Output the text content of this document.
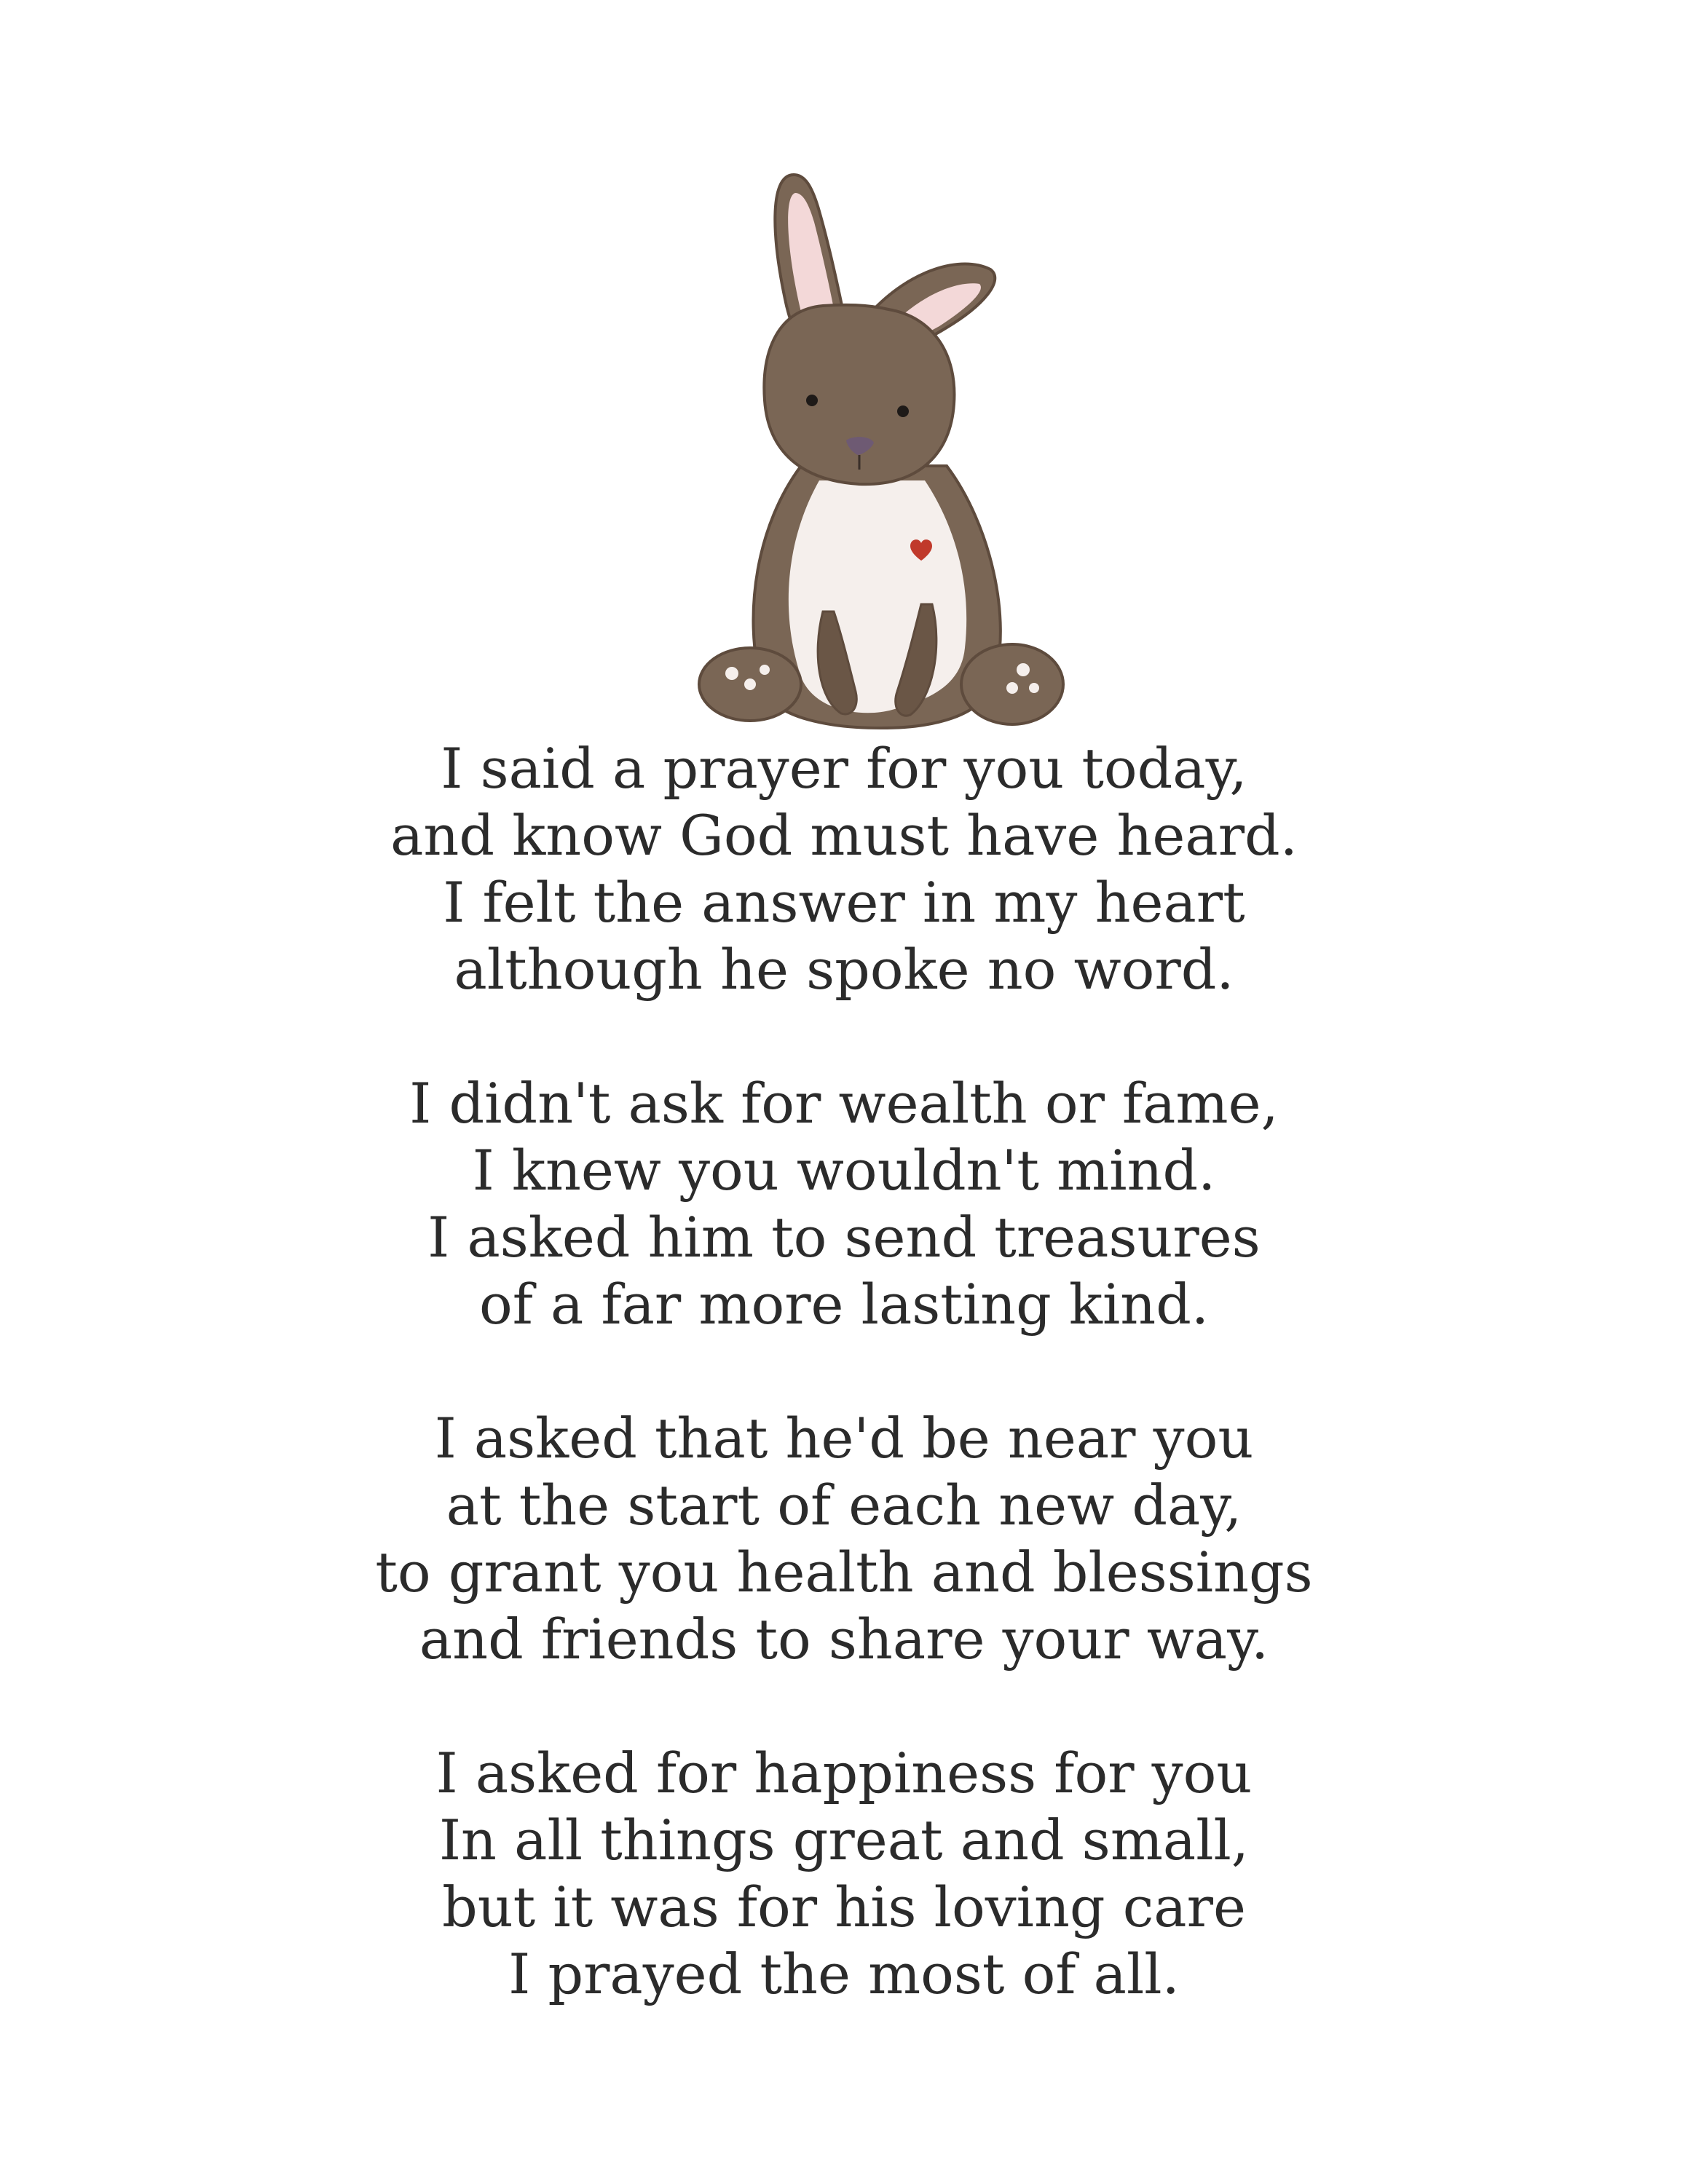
I said a prayer for you today,
and know God must have heard.
I felt the answer in my heart
although he spoke no word.
I didn't ask for wealth or fame,
I knew you wouldn't mind.
I asked him to send treasures
of a far more lasting kind.
I asked that he'd be near you
at the start of each new day,
to grant you health and blessings
and friends to share your way.
I asked for happiness for you
In all things great and small,
but it was for his loving care
I prayed the most of all.
